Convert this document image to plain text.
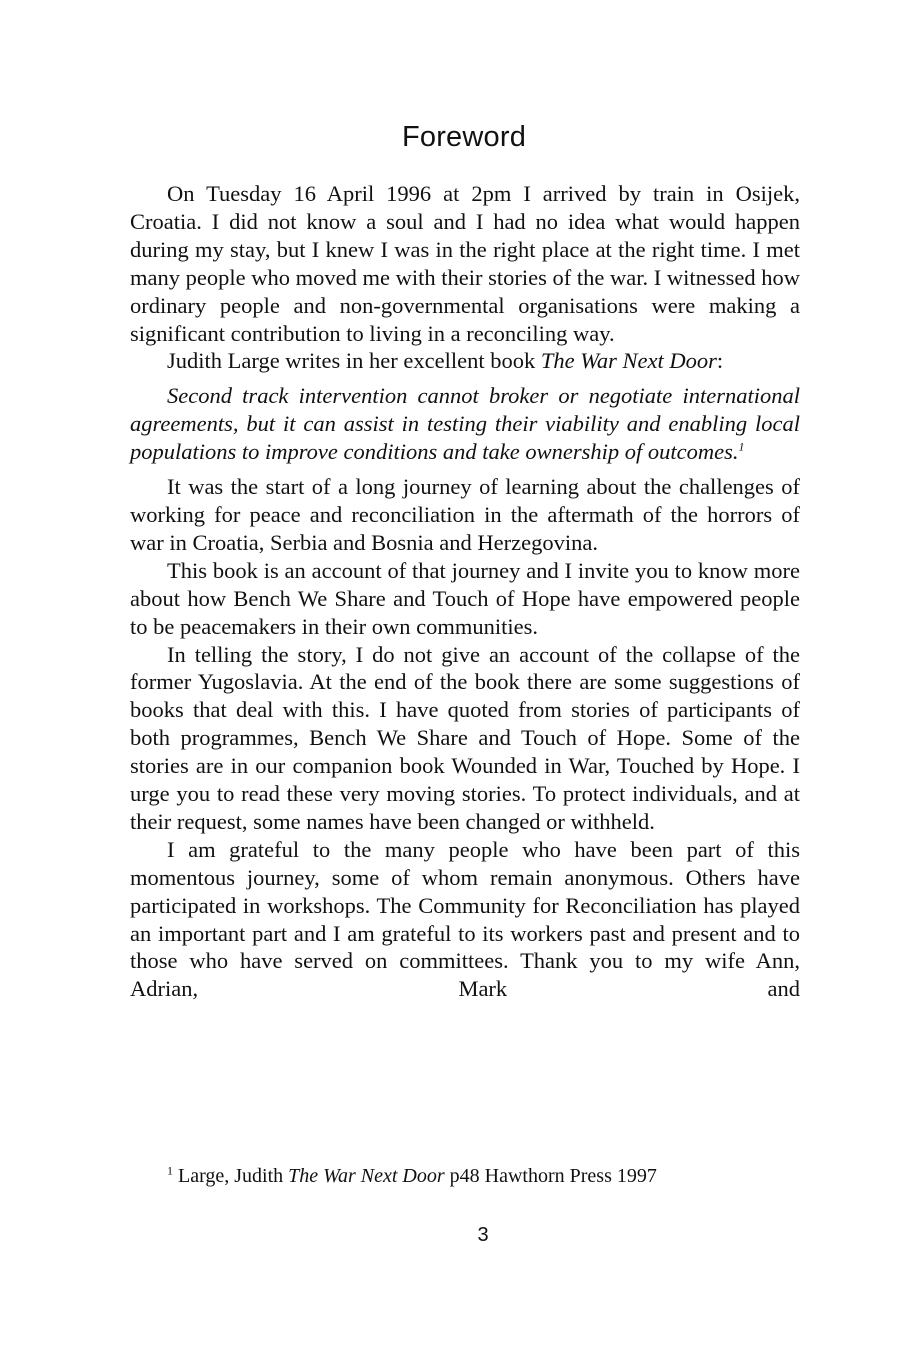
Foreword

On Tuesday 16 April 1996 at 2pm I arrived by train in Osijek, Croatia. I did not know a soul and I had no idea what would happen during my stay, but I knew I was in the right place at the right time. I met many people who moved me with their stories of the war. I witnessed how ordinary people and non-governmental organisations were making a significant contribution to living in a reconciling way.

Judith Large writes in her excellent book The War Next Door:

Second track intervention cannot broker or negotiate international agreements, but it can assist in testing their viability and enabling local populations to improve conditions and take ownership of outcomes.$^1$

It was the start of a long journey of learning about the challenges of working for peace and reconciliation in the aftermath of the horrors of war in Croatia, Serbia and Bosnia and Herzegovina.

This book is an account of that journey and I invite you to know more about how Bench We Share and Touch of Hope have empowered people to be peacemakers in their own communities.

In telling the story, I do not give an account of the collapse of the former Yugoslavia. At the end of the book there are some suggestions of books that deal with this. I have quoted from stories of participants of both programmes, Bench We Share and Touch of Hope. Some of the stories are in our companion book Wounded in War, Touched by Hope. I urge you to read these very moving stories. To protect individuals, and at their request, some names have been changed or withheld.

I am grateful to the many people who have been part of this momentous journey, some of whom remain anonymous. Others have participated in workshops. The Community for Reconciliation has played an important part and I am grateful to its workers past and present and to those who have served on committees. Thank you to my wife Ann, Adrian, Mark and

$^1$ Large, Judith The War Next Door p48 Hawthorn Press 1997

3
